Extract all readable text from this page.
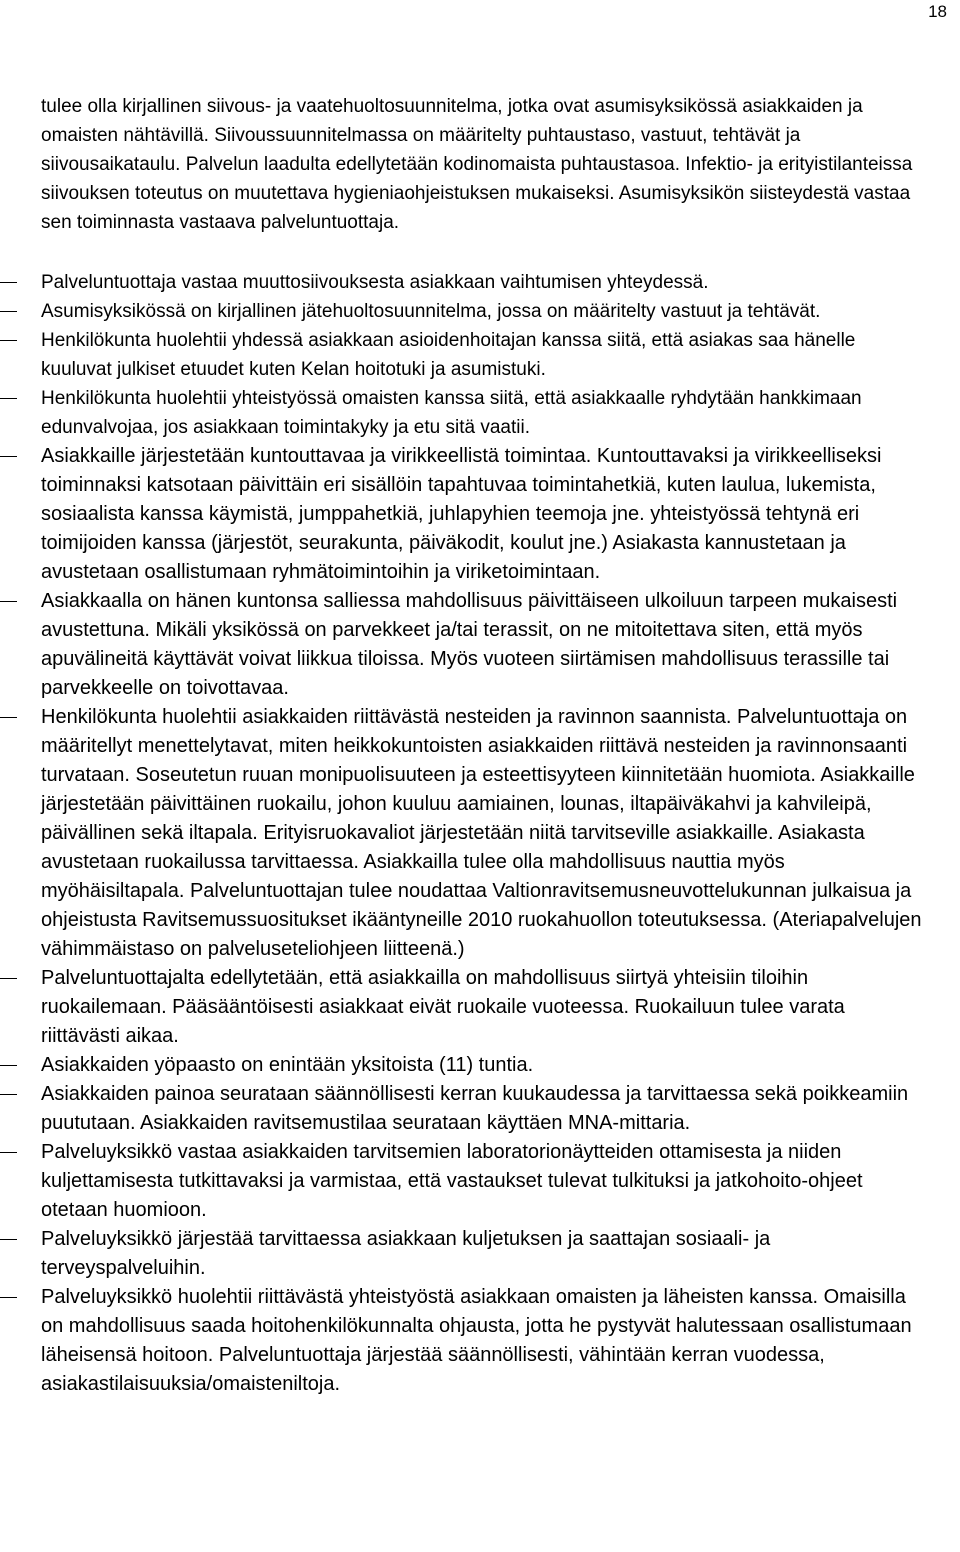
18

tulee olla kirjallinen siivous- ja vaatehuoltosuunnitelma, jotka ovat asumisyksikössä asiakkaiden ja omaisten nähtävillä. Siivoussuunnitelmassa on määritelty puhtaustaso, vastuut, tehtävät ja siivousaikataulu. Palvelun laadulta edellytetään kodinomaista puhtaustasoa. Infektio- ja erityistilanteissa siivouksen toteutus on muutettava hygieniaohjeistuksen mukaiseksi. Asumisyksikön siisteydestä vastaa sen toiminnasta vastaava palveluntuottaja.

Palveluntuottaja vastaa muuttosiivouksesta asiakkaan vaihtumisen yhteydessä.
Asumisyksikössä on kirjallinen jätehuoltosuunnitelma, jossa on määritelty vastuut ja tehtävät.
Henkilökunta huolehtii yhdessä asiakkaan asioidenhoitajan kanssa siitä, että asiakas saa hänelle kuuluvat julkiset etuudet kuten Kelan hoitotuki ja asumistuki.
Henkilökunta huolehtii yhteistyössä omaisten kanssa siitä, että asiakkaalle ryhdytään hankkimaan edunvalvojaa, jos asiakkaan toimintakyky ja etu sitä vaatii.
Asiakkaille järjestetään kuntouttavaa ja virikkeellistä toimintaa. Kuntouttavaksi ja virikkeelliseksi toiminnaksi katsotaan päivittäin eri sisällöin tapahtuvaa toimintahetkiä, kuten laulua, lukemista, sosiaalista kanssa käymistä, jumppahetkiä, juhlapyhien teemoja jne. yhteistyössä tehtynä eri toimijoiden kanssa (järjestöt, seurakunta, päiväkodit, koulut jne.) Asiakasta kannustetaan ja avustetaan osallistumaan ryhmätoimintoihin ja viriketoimintaan.
Asiakkaalla on hänen kuntonsa salliessa mahdollisuus päivittäiseen ulkoiluun tarpeen mukaisesti avustettuna. Mikäli yksikössä on parvekkeet ja/tai terassit, on ne mitoitettava siten, että myös apuvälineitä käyttävät voivat liikkua tiloissa. Myös vuoteen siirtämisen mahdollisuus terassille tai parvekkeelle on toivottavaa.
Henkilökunta huolehtii asiakkaiden riittävästä nesteiden ja ravinnon saannista. Palveluntuottaja on määritellyt menettelytavat, miten heikkokuntoisten asiakkaiden riittävä nesteiden ja ravinnonsaanti turvataan. Soseutetun ruuan monipuolisuuteen ja esteettisyyteen kiinnitetään huomiota. Asiakkaille järjestetään päivittäinen ruokailu, johon kuuluu aamiainen, lounas, iltapäiväkahvi ja kahvileipä, päivällinen sekä iltapala. Erityisruokavaliot järjestetään niitä tarvitseville asiakkaille. Asiakasta avustetaan ruokailussa tarvittaessa. Asiakkailla tulee olla mahdollisuus nauttia myös myöhäisiltapala. Palveluntuottajan tulee noudattaa Valtionravitsemusneuvottelukunnan julkaisua ja ohjeistusta Ravitsemussuositukset ikääntyneille 2010 ruokahuollon toteutuksessa. (Ateriapalvelujen vähimmäistaso on palveluseteliohjeen liitteenä.)
Palveluntuottajalta edellytetään, että asiakkailla on mahdollisuus siirtyä yhteisiin tiloihin ruokailemaan. Pääsääntöisesti asiakkaat eivät ruokaile vuoteessa. Ruokailuun tulee varata riittävästi aikaa.
Asiakkaiden yöpaasto on enintään yksitoista (11) tuntia.
Asiakkaiden painoa seurataan säännöllisesti kerran kuukaudessa ja tarvittaessa sekä poikkeamiin puututaan. Asiakkaiden ravitsemustilaa seurataan käyttäen MNA-mittaria.
Palveluyksikkö vastaa asiakkaiden tarvitsemien laboratorionäytteiden ottamisesta ja niiden kuljettamisesta tutkittavaksi ja varmistaa, että vastaukset tulevat tulkituksi ja jatkohoito-ohjeet otetaan huomioon.
Palveluyksikkö järjestää tarvittaessa asiakkaan kuljetuksen ja saattajan sosiaali- ja terveyspalveluihin.
Palveluyksikkö huolehtii riittävästä yhteistyöstä asiakkaan omaisten ja läheisten kanssa. Omaisilla on mahdollisuus saada hoitohenkilökunnalta ohjausta, jotta he pystyvät halutessaan osallistumaan läheisensä hoitoon. Palveluntuottaja järjestää säännöllisesti, vähintään kerran vuodessa, asiakastilaisuuksia/omaisteniltoja.
